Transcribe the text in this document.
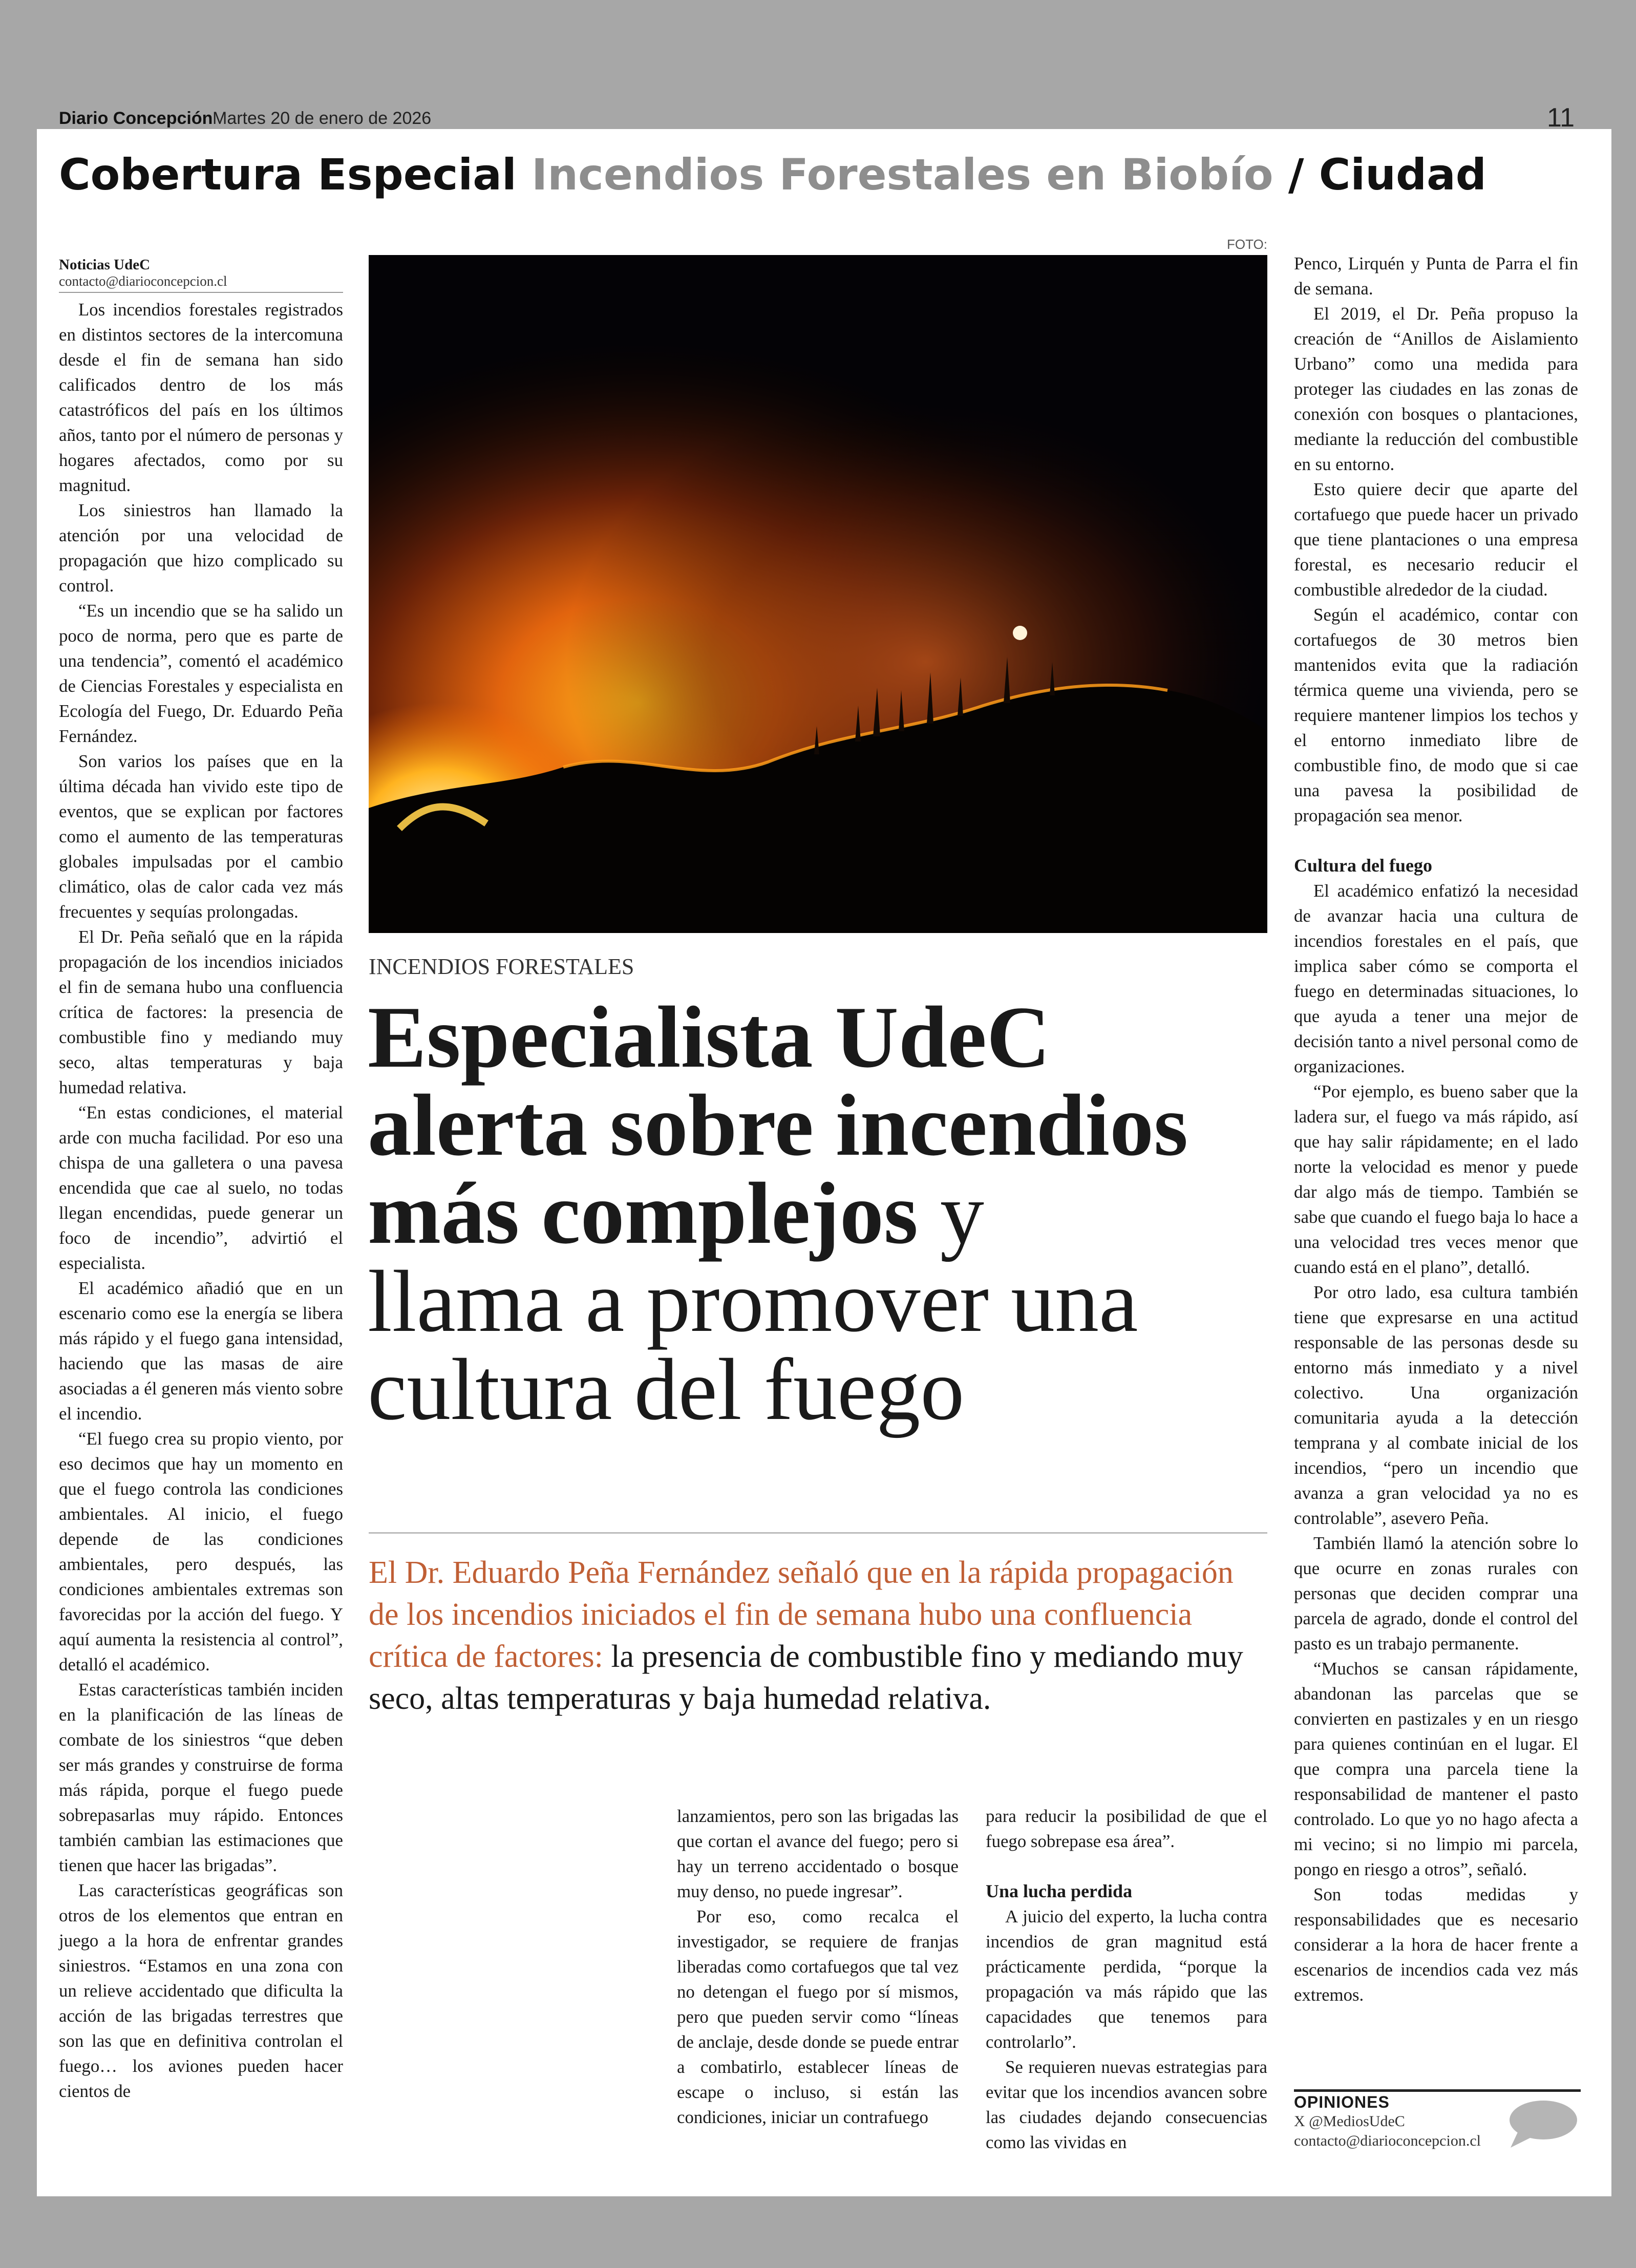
Diario Concepción Martes 20 de enero de 2026	11
Cobertura Especial Incendios Forestales en Biobío / Ciudad
Noticias UdeC
contacto@diarioconcepcion.cl

Los incendios forestales registrados en distintos sectores de la intercomuna desde el fin de semana han sido calificados dentro de los más catastróficos del país en los últimos años, tanto por el número de personas y hogares afectados, como por su magnitud.

Los siniestros han llamado la atención por una velocidad de propagación que hizo complicado su control.

“Es un incendio que se ha salido un poco de norma, pero que es parte de una tendencia”, comentó el académico de Ciencias Forestales y especialista en Ecología del Fuego, Dr. Eduardo Peña Fernández.

Son varios los países que en la última década han vivido este tipo de eventos, que se explican por factores como el aumento de las temperaturas globales impulsadas por el cambio climático, olas de calor cada vez más frecuentes y sequías prolongadas.

El Dr. Peña señaló que en la rápida propagación de los incendios iniciados el fin de semana hubo una confluencia crítica de factores: la presencia de combustible fino y mediando muy seco, altas temperaturas y baja humedad relativa.

“En estas condiciones, el material arde con mucha facilidad. Por eso una chispa de una galletera o una pavesa encendida que cae al suelo, no todas llegan encendidas, puede generar un foco de incendio”, advirtió el especialista.

El académico añadió que en un escenario como ese la energía se libera más rápido y el fuego gana intensidad, haciendo que las masas de aire asociadas a él generen más viento sobre el incendio.

“El fuego crea su propio viento, por eso decimos que hay un momento en que el fuego controla las condiciones ambientales. Al inicio, el fuego depende de las condiciones ambientales, pero después, las condiciones ambientales extremas son favorecidas por la acción del fuego. Y aquí aumenta la resistencia al control”, detalló el académico.

Estas características también inciden en la planificación de las líneas de combate de los siniestros “que deben ser más grandes y construirse de forma más rápida, porque el fuego puede sobrepasarlas muy rápido. Entonces también cambian las estimaciones que tienen que hacer las brigadas”.

Las características geográficas son otros de los elementos que entran en juego a la hora de enfrentar grandes siniestros. “Estamos en una zona con un relieve accidentado que dificulta la acción de las brigadas terrestres que son las que en definitiva controlan el fuego… los aviones pueden hacer cientos de

FOTO:
INCENDIOS FORESTALES
Especialista UdeC
alerta sobre incendios
más complejos y
llama a promover una
cultura del fuego
El Dr. Eduardo Peña Fernández señaló que en la rápida propagación de los incendios iniciados el fin de semana hubo una confluencia crítica de factores: la presencia de combustible fino y mediando muy seco, altas temperaturas y baja humedad relativa.

lanzamientos, pero son las brigadas las que cortan el avance del fuego; pero si hay un terreno accidentado o bosque muy denso, no puede ingresar”.

Por eso, como recalca el investigador, se requiere de franjas liberadas como cortafuegos que tal vez no detengan el fuego por sí mismos, pero que pueden servir como “líneas de anclaje, desde donde se puede entrar a combatirlo, establecer líneas de escape o incluso, si están las condiciones, iniciar un contrafuego

para reducir la posibilidad de que el fuego sobrepase esa área”.

Una lucha perdida

A juicio del experto, la lucha contra incendios de gran magnitud está prácticamente perdida, “porque la propagación va más rápido que las capacidades que tenemos para controlarlo”.

Se requieren nuevas estrategias para evitar que los incendios avancen sobre las ciudades dejando consecuencias como las vividas en

Penco, Lirquén y Punta de Parra el fin de semana.

El 2019, el Dr. Peña propuso la creación de “Anillos de Aislamiento Urbano” como una medida para proteger las ciudades en las zonas de conexión con bosques o plantaciones, mediante la reducción del combustible en su entorno.

Esto quiere decir que aparte del cortafuego que puede hacer un privado que tiene plantaciones o una empresa forestal, es necesario reducir el combustible alrededor de la ciudad.

Según el académico, contar con cortafuegos de 30 metros bien mantenidos evita que la radiación térmica queme una vivienda, pero se requiere mantener limpios los techos y el entorno inmediato libre de combustible fino, de modo que si cae una pavesa la posibilidad de propagación sea menor.

Cultura del fuego

El académico enfatizó la necesidad de avanzar hacia una cultura de incendios forestales en el país, que implica saber cómo se comporta el fuego en determinadas situaciones, lo que ayuda a tener una mejor de decisión tanto a nivel personal como de organizaciones.

“Por ejemplo, es bueno saber que la ladera sur, el fuego va más rápido, así que hay salir rápidamente; en el lado norte la velocidad es menor y puede dar algo más de tiempo. También se sabe que cuando el fuego baja lo hace a una velocidad tres veces menor que cuando está en el plano”, detalló.

Por otro lado, esa cultura también tiene que expresarse en una actitud responsable de las personas desde su entorno más inmediato y a nivel colectivo. Una organización comunitaria ayuda a la detección temprana y al combate inicial de los incendios, “pero un incendio que avanza a gran velocidad ya no es controlable”, asevero Peña.

También llamó la atención sobre lo que ocurre en zonas rurales con personas que deciden comprar una parcela de agrado, donde el control del pasto es un trabajo permanente.

“Muchos se cansan rápidamente, abandonan las parcelas que se convierten en pastizales y en un riesgo para quienes continúan en el lugar. El que compra una parcela tiene la responsabilidad de mantener el pasto controlado. Lo que yo no hago afecta a mi vecino; si no limpio mi parcela, pongo en riesgo a otros”, señaló.

Son todas medidas y responsabilidades que es necesario considerar a la hora de hacer frente a escenarios de incendios cada vez más extremos.

OPINIONES
X @MediosUdeC
contacto@diarioconcepcion.cl
